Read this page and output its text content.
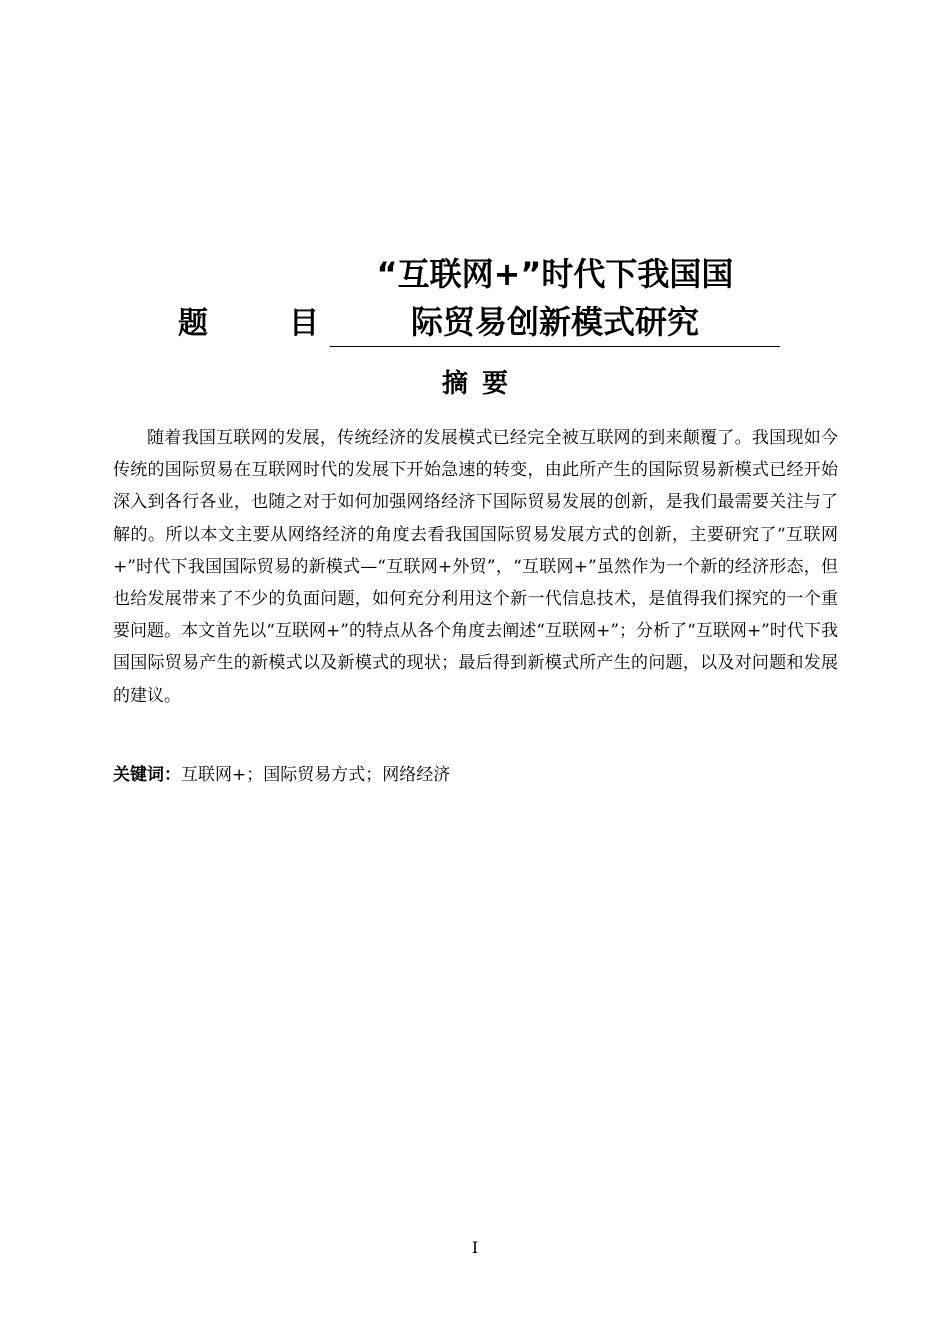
题	目
“互联网+”时代下我国国
际贸易创新模式研究
摘要

随着我国互联网的发展，传统经济的发展模式已经完全被互联网的到来颠覆了。我国现如今传统的国际贸易在互联网时代的发展下开始急速的转变，由此所产生的国际贸易新模式已经开始深入到各行各业，也随之对于如何加强网络经济下国际贸易发展的创新，是我们最需要关注与了解的。所以本文主要从网络经济的角度去看我国国际贸易发展方式的创新，主要研究了“互联网+”时代下我国国际贸易的新模式—“互联网+外贸”，“互联网+”虽然作为一个新的经济形态，但也给发展带来了不少的负面问题，如何充分利用这个新一代信息技术，是值得我们探究的一个重要问题。本文首先以“互联网+”的特点从各个角度去阐述“互联网+”；分析了“互联网+”时代下我国国际贸易产生的新模式以及新模式的现状；最后得到新模式所产生的问题，以及对问题和发展的建议。

关键词：互联网+；国际贸易方式；网络经济
I
